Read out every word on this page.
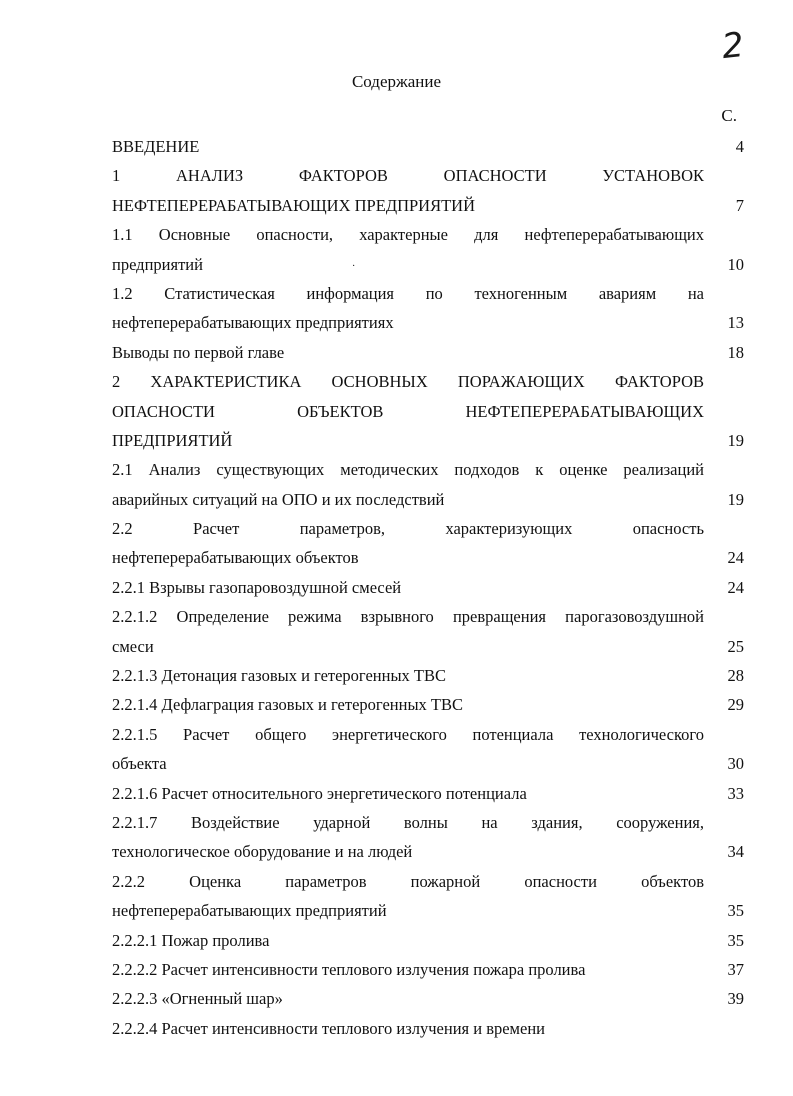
2
Содержание
С.
·
ВВЕДЕНИЕ	4
1 АНАЛИЗ ФАКТОРОВ ОПАСНОСТИ УСТАНОВОК
НЕФТЕПЕРЕРАБАТЫВАЮЩИХ ПРЕДПРИЯТИЙ	7
1.1 Основные опасности, характерные для нефтеперерабатывающих
предприятий	10
1.2 Статистическая информация по техногенным авариям на
нефтеперерабатывающих предприятиях	13
Выводы по первой главе	18
2 ХАРАКТЕРИСТИКА ОСНОВНЫХ ПОРАЖАЮЩИХ ФАКТОРОВ
ОПАСНОСТИ ОБЪЕКТОВ НЕФТЕПЕРЕРАБАТЫВАЮЩИХ
ПРЕДПРИЯТИЙ	19
2.1 Анализ существующих методических подходов к оценке реализаций
аварийных ситуаций на ОПО и их последствий	19
2.2 Расчет параметров, характеризующих опасность
нефтеперерабатывающих объектов	24
2.2.1 Взрывы газопаровоздушной смесей	24
2.2.1.2 Определение режима взрывного превращения парогазовоздушной
смеси	25
2.2.1.3 Детонация газовых и гетерогенных ТВС	28
2.2.1.4 Дефлаграция газовых и гетерогенных ТВС	29
2.2.1.5 Расчет общего энергетического потенциала технологического
объекта	30
2.2.1.6 Расчет относительного энергетического потенциала	33
2.2.1.7 Воздействие ударной волны на здания, сооружения,
технологическое оборудование и на людей	34
2.2.2 Оценка параметров пожарной опасности объектов
нефтеперерабатывающих предприятий	35
2.2.2.1 Пожар пролива	35
2.2.2.2 Расчет интенсивности теплового излучения пожара пролива	37
2.2.2.3 «Огненный шар»	39
2.2.2.4 Расчет интенсивности теплового излучения и времени
